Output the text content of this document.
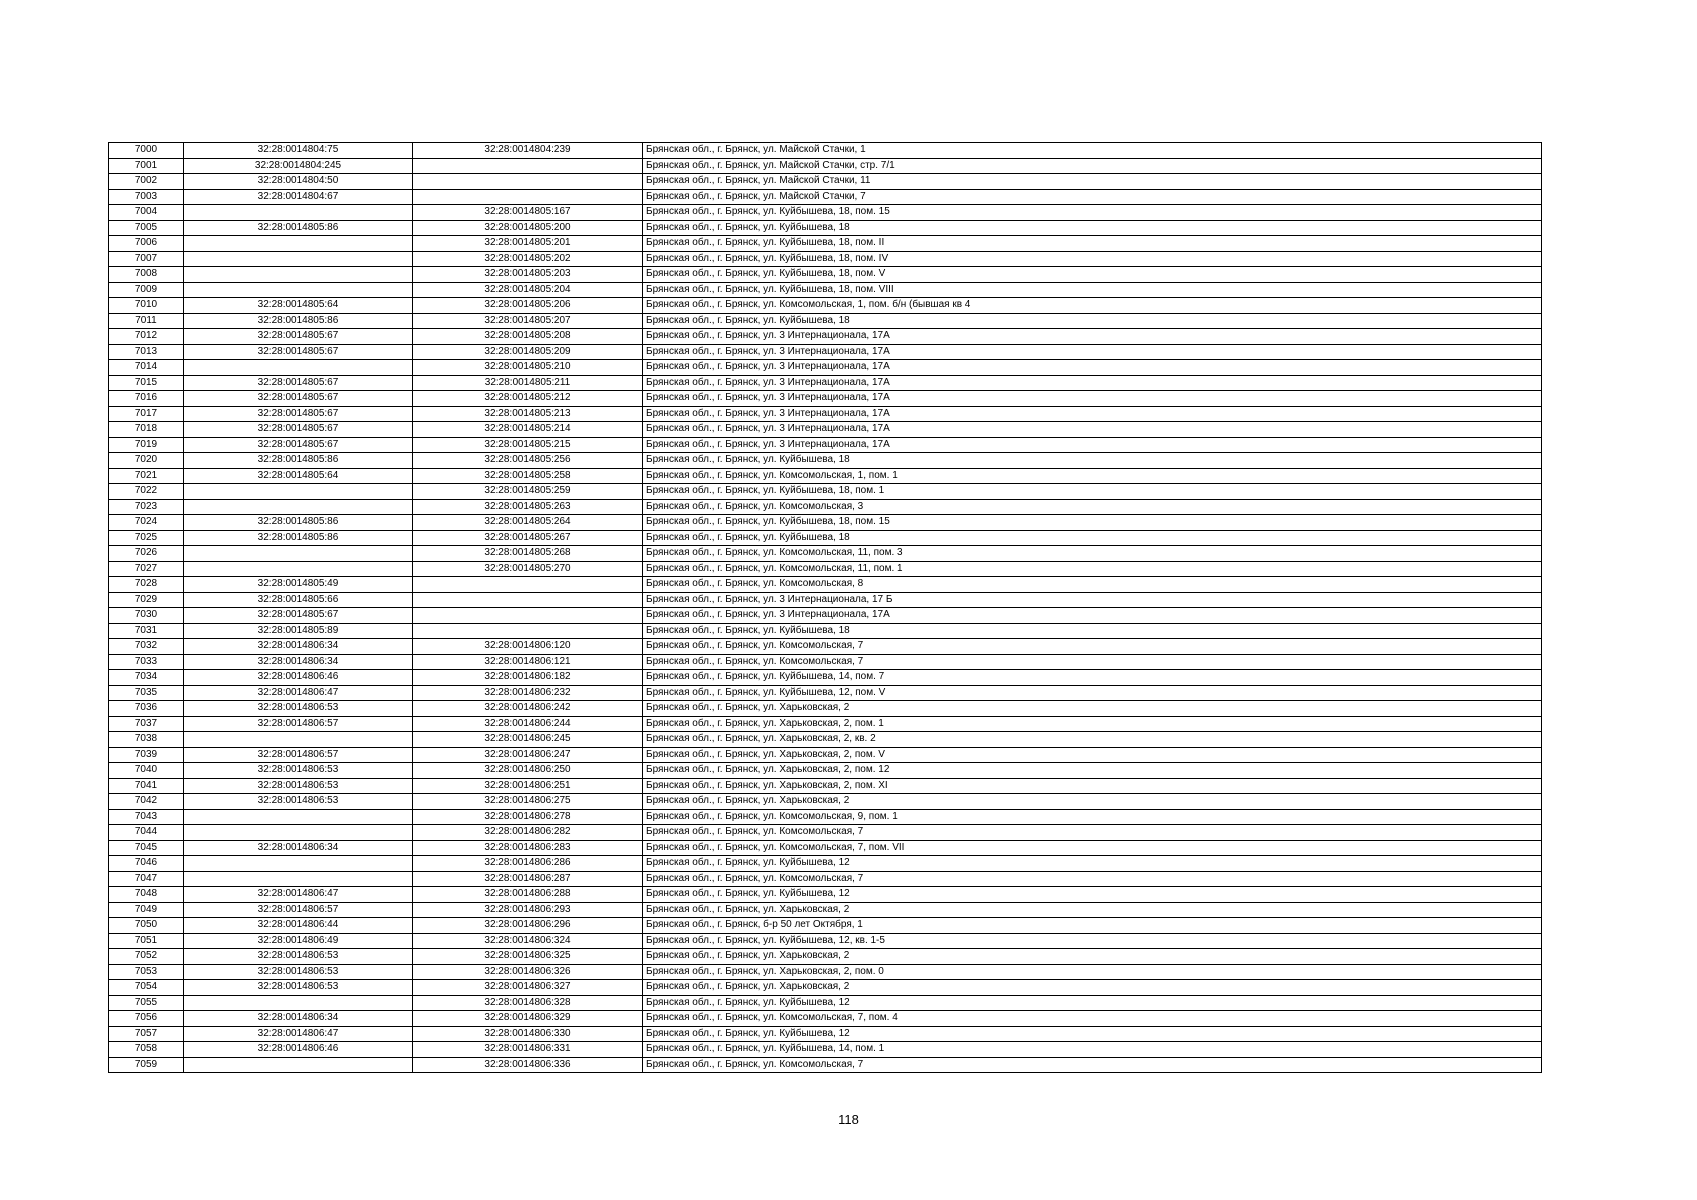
7000	32:28:0014804:75	32:28:0014804:239	Брянская обл., г. Брянск, ул. Майской Стачки, 1
7001	32:28:0014804:245		Брянская обл., г. Брянск, ул. Майской Стачки, стр. 7/1
7002	32:28:0014804:50		Брянская обл., г. Брянск, ул. Майской Стачки, 11
7003	32:28:0014804:67		Брянская обл., г. Брянск, ул. Майской Стачки, 7
7004		32:28:0014805:167	Брянская обл., г. Брянск, ул. Куйбышева, 18, пом. 15
7005	32:28:0014805:86	32:28:0014805:200	Брянская обл., г. Брянск, ул. Куйбышева, 18
7006		32:28:0014805:201	Брянская обл., г. Брянск, ул. Куйбышева, 18, пом. II
7007		32:28:0014805:202	Брянская обл., г. Брянск, ул. Куйбышева, 18, пом. IV
7008		32:28:0014805:203	Брянская обл., г. Брянск, ул. Куйбышева, 18, пом. V
7009		32:28:0014805:204	Брянская обл., г. Брянск, ул. Куйбышева, 18, пом. VIII
7010	32:28:0014805:64	32:28:0014805:206	Брянская обл., г. Брянск, ул. Комсомольская, 1, пом. б/н (бывшая кв 4
7011	32:28:0014805:86	32:28:0014805:207	Брянская обл., г. Брянск, ул. Куйбышева, 18
7012	32:28:0014805:67	32:28:0014805:208	Брянская обл., г. Брянск, ул. 3 Интернационала, 17А
7013	32:28:0014805:67	32:28:0014805:209	Брянская обл., г. Брянск, ул. 3 Интернационала, 17А
7014		32:28:0014805:210	Брянская обл., г. Брянск, ул. 3 Интернационала, 17А
7015	32:28:0014805:67	32:28:0014805:211	Брянская обл., г. Брянск, ул. 3 Интернационала, 17А
7016	32:28:0014805:67	32:28:0014805:212	Брянская обл., г. Брянск, ул. 3 Интернационала, 17А
7017	32:28:0014805:67	32:28:0014805:213	Брянская обл., г. Брянск, ул. 3 Интернационала, 17А
7018	32:28:0014805:67	32:28:0014805:214	Брянская обл., г. Брянск, ул. 3 Интернационала, 17А
7019	32:28:0014805:67	32:28:0014805:215	Брянская обл., г. Брянск, ул. 3 Интернационала, 17А
7020	32:28:0014805:86	32:28:0014805:256	Брянская обл., г. Брянск, ул. Куйбышева, 18
7021	32:28:0014805:64	32:28:0014805:258	Брянская обл., г. Брянск, ул. Комсомольская, 1, пом. 1
7022		32:28:0014805:259	Брянская обл., г. Брянск, ул. Куйбышева, 18, пом. 1
7023		32:28:0014805:263	Брянская обл., г. Брянск, ул. Комсомольская, 3
7024	32:28:0014805:86	32:28:0014805:264	Брянская обл., г. Брянск, ул. Куйбышева, 18, пом. 15
7025	32:28:0014805:86	32:28:0014805:267	Брянская обл., г. Брянск, ул. Куйбышева, 18
7026		32:28:0014805:268	Брянская обл., г. Брянск, ул. Комсомольская, 11, пом. 3
7027		32:28:0014805:270	Брянская обл., г. Брянск, ул. Комсомольская, 11, пом. 1
7028	32:28:0014805:49		Брянская обл., г. Брянск, ул. Комсомольская, 8
7029	32:28:0014805:66		Брянская обл., г. Брянск, ул. 3 Интернационала, 17 Б
7030	32:28:0014805:67		Брянская обл., г. Брянск, ул. 3 Интернационала, 17А
7031	32:28:0014805:89		Брянская обл., г. Брянск, ул. Куйбышева, 18
7032	32:28:0014806:34	32:28:0014806:120	Брянская обл., г. Брянск, ул. Комсомольская, 7
7033	32:28:0014806:34	32:28:0014806:121	Брянская обл., г. Брянск, ул. Комсомольская, 7
7034	32:28:0014806:46	32:28:0014806:182	Брянская обл., г. Брянск, ул. Куйбышева, 14, пом. 7
7035	32:28:0014806:47	32:28:0014806:232	Брянская обл., г. Брянск, ул. Куйбышева, 12, пом. V
7036	32:28:0014806:53	32:28:0014806:242	Брянская обл., г. Брянск, ул. Харьковская, 2
7037	32:28:0014806:57	32:28:0014806:244	Брянская обл., г. Брянск, ул. Харьковская, 2, пом. 1
7038		32:28:0014806:245	Брянская обл., г. Брянск, ул. Харьковская, 2, кв. 2
7039	32:28:0014806:57	32:28:0014806:247	Брянская обл., г. Брянск, ул. Харьковская, 2, пом. V
7040	32:28:0014806:53	32:28:0014806:250	Брянская обл., г. Брянск, ул. Харьковская, 2, пом. 12
7041	32:28:0014806:53	32:28:0014806:251	Брянская обл., г. Брянск, ул. Харьковская, 2, пом. XI
7042	32:28:0014806:53	32:28:0014806:275	Брянская обл., г. Брянск, ул. Харьковская, 2
7043		32:28:0014806:278	Брянская обл., г. Брянск, ул. Комсомольская, 9, пом. 1
7044		32:28:0014806:282	Брянская обл., г. Брянск, ул. Комсомольская, 7
7045	32:28:0014806:34	32:28:0014806:283	Брянская обл., г. Брянск, ул. Комсомольская, 7, пом. VII
7046		32:28:0014806:286	Брянская обл., г. Брянск, ул. Куйбышева, 12
7047		32:28:0014806:287	Брянская обл., г. Брянск, ул. Комсомольская, 7
7048	32:28:0014806:47	32:28:0014806:288	Брянская обл., г. Брянск, ул. Куйбышева, 12
7049	32:28:0014806:57	32:28:0014806:293	Брянская обл., г. Брянск, ул. Харьковская, 2
7050	32:28:0014806:44	32:28:0014806:296	Брянская обл., г. Брянск, б-р 50 лет Октября, 1
7051	32:28:0014806:49	32:28:0014806:324	Брянская обл., г. Брянск, ул. Куйбышева, 12, кв. 1-5
7052	32:28:0014806:53	32:28:0014806:325	Брянская обл., г. Брянск, ул. Харьковская, 2
7053	32:28:0014806:53	32:28:0014806:326	Брянская обл., г. Брянск, ул. Харьковская, 2, пом. 0
7054	32:28:0014806:53	32:28:0014806:327	Брянская обл., г. Брянск, ул. Харьковская, 2
7055		32:28:0014806:328	Брянская обл., г. Брянск, ул. Куйбышева, 12
7056	32:28:0014806:34	32:28:0014806:329	Брянская обл., г. Брянск, ул. Комсомольская, 7, пом. 4
7057	32:28:0014806:47	32:28:0014806:330	Брянская обл., г. Брянск, ул. Куйбышева, 12
7058	32:28:0014806:46	32:28:0014806:331	Брянская обл., г. Брянск, ул. Куйбышева, 14, пом. 1
7059		32:28:0014806:336	Брянская обл., г. Брянск, ул. Комсомольская, 7
118
